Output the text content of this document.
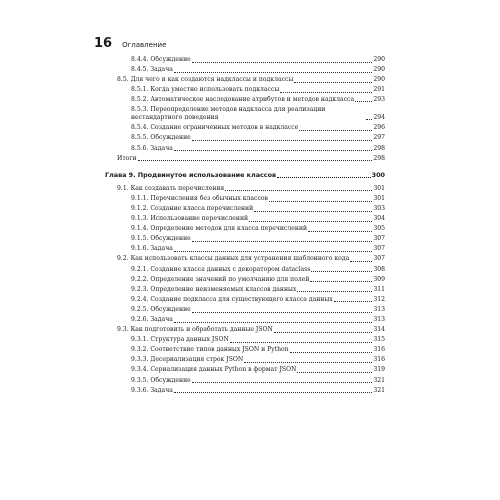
16 Оглавление
8.4.4. Обсуждение	290
8.4.5. Задача	290
8.5. Для чего и как создаются надклассы и подклассы	290
8.5.1. Когда уместно использовать подклассы	291
8.5.2. Автоматическое наследование атрибутов и методов надкласса	293
8.5.3. Переопределение методов надкласса для реализации нестандартного поведения	294
8.5.4. Создание ограниченных методов в надклассе	296
8.5.5. Обсуждение	297
8.5.6. Задача	298
Итоги	298
Глава 9. Продвинутое использование классов	300
9.1. Как создавать перечисления	301
9.1.1. Перечисления без обычных классов	301
9.1.2. Создание класса перечислений	303
9.1.3. Использование перечислений	304
9.1.4. Определение методов для класса перечислений	305
9.1.5. Обсуждение	307
9.1.6. Задача	307
9.2. Как использовать классы данных для устранения шаблонного кода	307
9.2.1. Создание класса данных с декоратором dataclass	308
9.2.2. Определение значений по умолчанию для полей	309
9.2.3. Определение неизменяемых классов данных	311
9.2.4. Создание подкласса для существующего класса данных	312
9.2.5. Обсуждение	313
9.2.6. Задача	313
9.3. Как подготовить и обработать данные JSON	314
9.3.1. Структура данных JSON	315
9.3.2. Соответствие типов данных JSON и Python	316
9.3.3. Десериализация строк JSON	316
9.3.4. Сериализация данных Python в формат JSON	319
9.3.5. Обсуждение	321
9.3.6. Задача	321
